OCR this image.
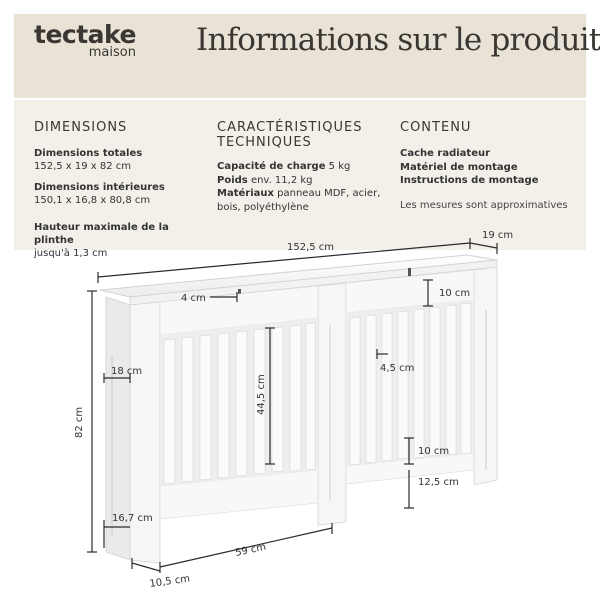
tectake
maison Informations sur le produit
DIMENSIONS
Dimensions totales
152,5 x 19 x 82 cm
Dimensions intérieures
150,1 x 16,8 x 80,8 cm
Hauteur maximale de la plinthe
jusqu'à 1,3 cm
CARACTÉRISTIQUES
TECHNIQUES
Capacité de charge 5 kg
Poids env. 11,2 kg
Matériaux panneau MDF, acier,
bois, polyéthylène
CONTENU
Cache radiateur
Matériel de montage
Instructions de montage
Les mesures sont approximatives
152,5 cm
19 cm
4 cm	10 cm
18 cm
44,5 cm
4,5 cm
82 cm
10 cm
12,5 cm
16,7 cm
59 cm
10,5 cm
